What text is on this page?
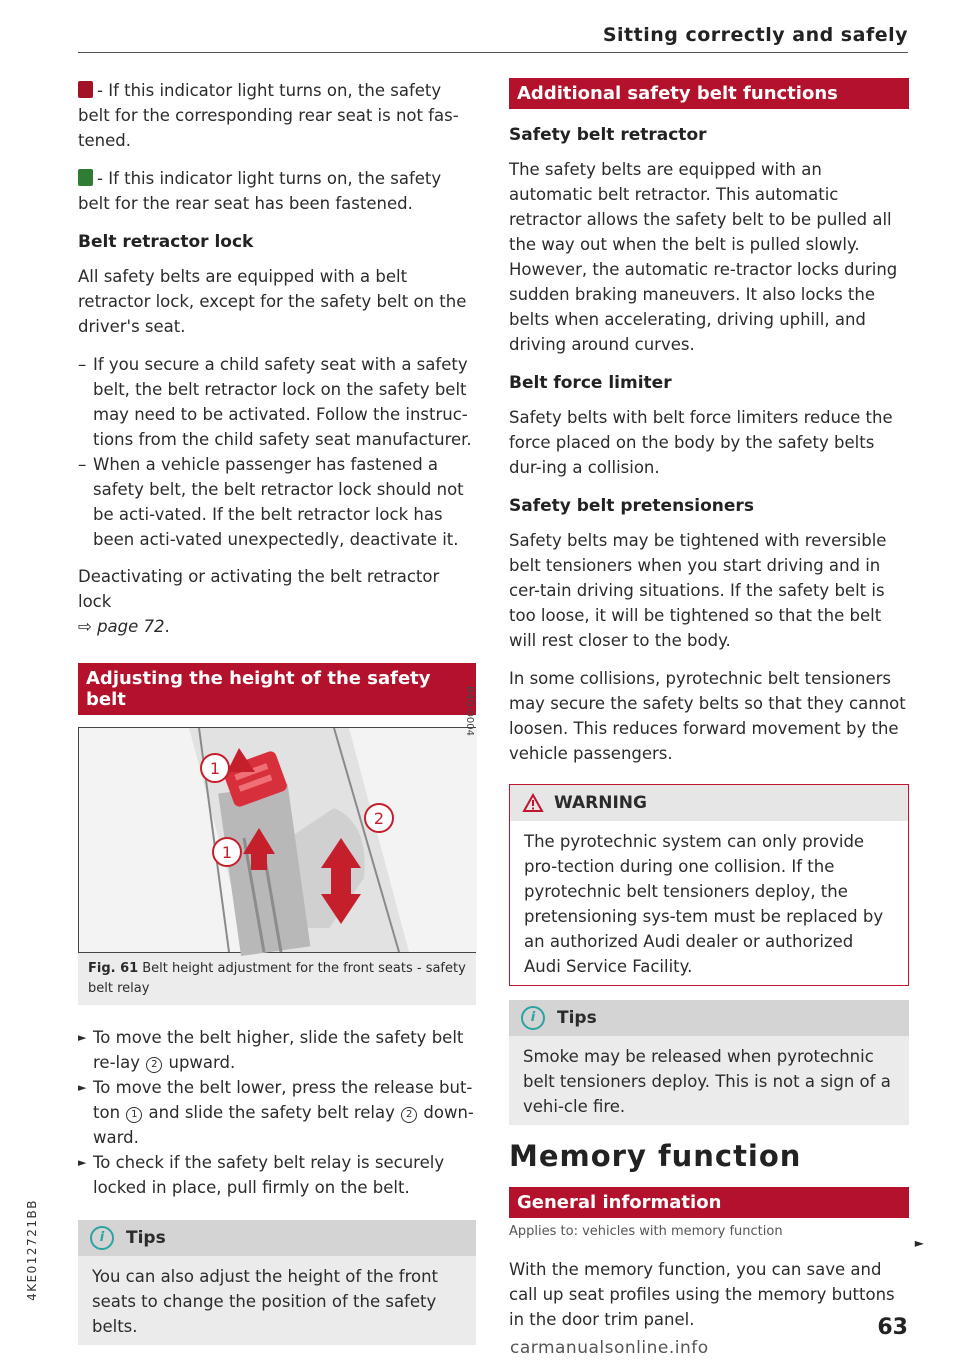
Sitting correctly and safely
4KE012721BB

- If this indicator light turns on, the safety belt for the corresponding rear seat is not fas-tened.

- If this indicator light turns on, the safety belt for the rear seat has been fastened.

Belt retractor lock

All safety belts are equipped with a belt retractor lock, except for the safety belt on the driver's seat.

– If you secure a child safety seat with a safety belt, the belt retractor lock on the safety belt may need to be activated. Follow the instruc-tions from the child safety seat manufacturer.
– When a vehicle passenger has fastened a safety belt, the belt retractor lock should not be acti-vated. If the belt retractor lock has been acti-vated unexpectedly, deactivate it.

Deactivating or activating the belt retractor lock
⇨ page 72.

Adjusting the height of the safety belt
1
1
2
B4G-0004
Fig. 61 Belt height adjustment for the front seats - safety belt relay
► To move the belt higher, slide the safety belt re-lay 2 upward.
► To move the belt lower, press the release but-ton 1 and slide the safety belt relay 2 down-ward.
► To check if the safety belt relay is securely locked in place, pull firmly on the belt.
i	Tips
You can also adjust the height of the front seats to change the position of the safety belts.
Additional safety belt functions
Safety belt retractor

The safety belts are equipped with an automatic belt retractor. This automatic retractor allows the safety belt to be pulled all the way out when the belt is pulled slowly. However, the automatic re-tractor locks during sudden braking maneuvers. It also locks the belts when accelerating, driving uphill, and driving around curves.

Belt force limiter

Safety belts with belt force limiters reduce the force placed on the body by the safety belts dur-ing a collision.

Safety belt pretensioners

Safety belts may be tightened with reversible belt tensioners when you start driving and in cer-tain driving situations. If the safety belt is too loose, it will be tightened so that the belt will rest closer to the body.

In some collisions, pyrotechnic belt tensioners may secure the safety belts so that they cannot loosen. This reduces forward movement by the vehicle passengers.

WARNING
The pyrotechnic system can only provide pro-tection during one collision. If the pyrotechnic belt tensioners deploy, the pretensioning sys-tem must be replaced by an authorized Audi dealer or authorized Audi Service Facility.
i	Tips
Smoke may be released when pyrotechnic belt tensioners deploy. This is not a sign of a vehi-cle fire.
Memory function
General information
Applies to: vehicles with memory function

With the memory function, you can save and call up seat profiles using the memory buttons in the door trim panel.

►
63
carmanualsonline.info
